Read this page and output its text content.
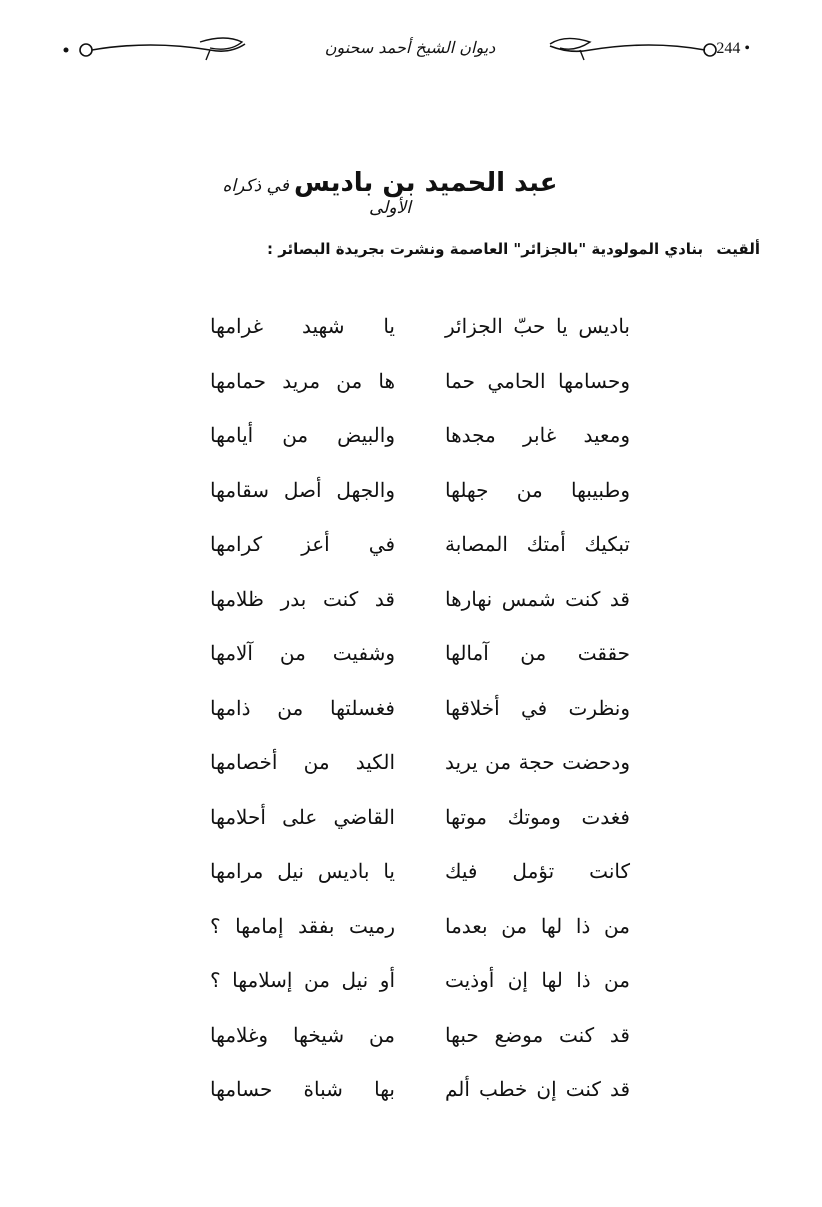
ديوان الشيخ أحمد سحنون	244 •
عبد الحميد بن باديس في ذكراه الأولى
ألقيت بنادي المولودية "بالجزائر" العاصمة ونشرت بجريدة البصائر :
باديس يا حبّ الجزائر
يا شهيد غرامها
وحسامها الحامي حما
ها من مريد حمامها
ومعيد غابر مجدها
والبيض من أيامها
وطبيبها من جهلها
والجهل أصل سقامها
تبكيك أمتك المصابة
في أعز كرامها
قد كنت شمس نهارها
قد كنت بدر ظلامها
حققت من آمالها
وشفيت من آلامها
ونظرت في أخلاقها
فغسلتها من ذامها
ودحضت حجة من يريد
الكيد من أخصامها
فغدت وموتك موتها
القاضي على أحلامها
كانت تؤمل فيك
يا باديس نيل مرامها
من ذا لها من بعدما
رميت بفقد إمامها ؟
من ذا لها إن أوذيت
أو نيل من إسلامها ؟
قد كنت موضع حبها
من شيخها وغلامها
قد كنت إن خطب ألم
بها شباة حسامها
